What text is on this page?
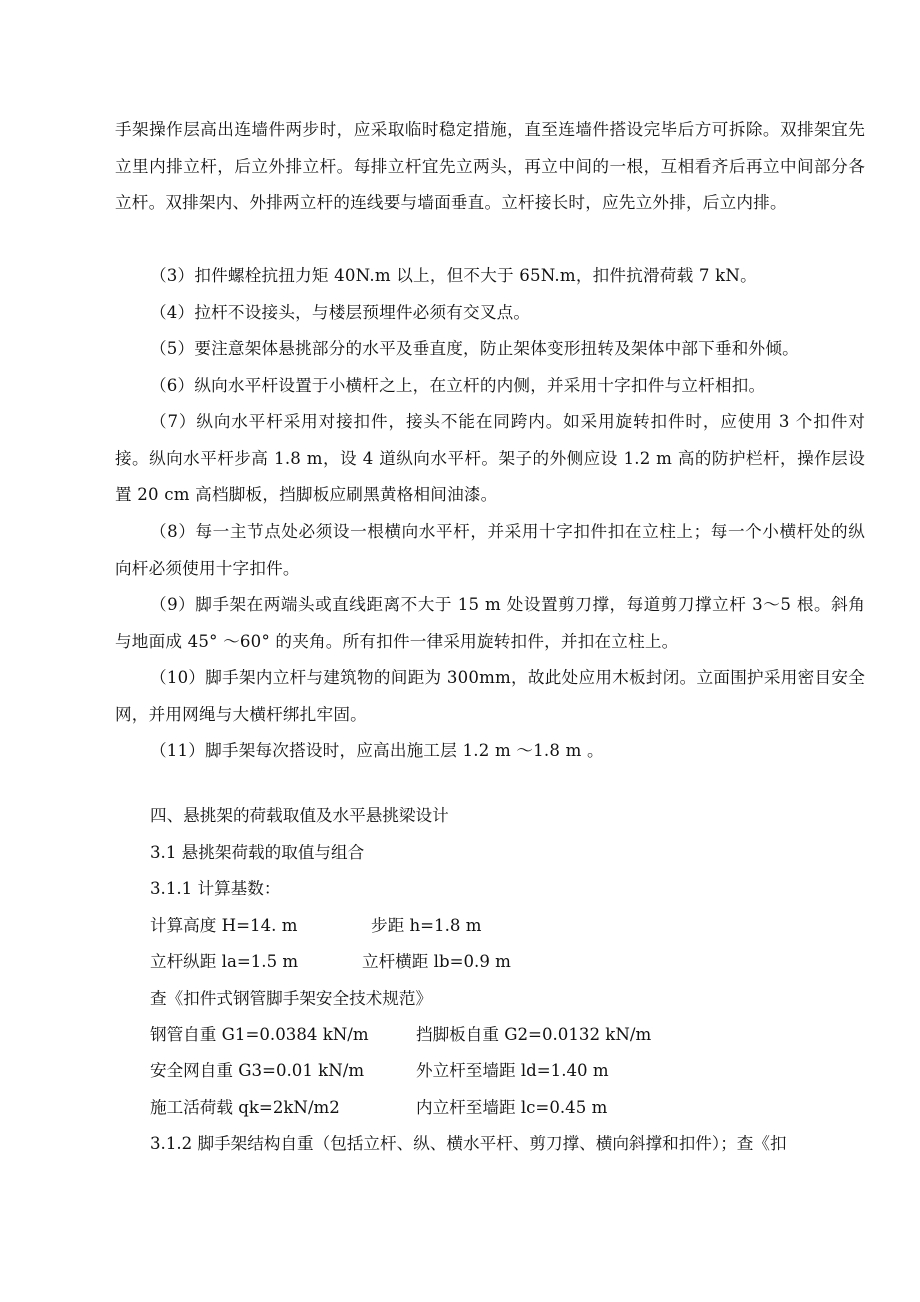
手架操作层高出连墙件两步时，应采取临时稳定措施，直至连墙件搭设完毕后方可拆除。双排架宜先立里内排立杆，后立外排立杆。每排立杆宜先立两头，再立中间的一根，互相看齐后再立中间部分各立杆。双排架内、外排两立杆的连线要与墙面垂直。立杆接长时，应先立外排，后立内排。

（3）扣件螺栓抗扭力矩 40N.m 以上，但不大于 65N.m，扣件抗滑荷载 7 kN。

（4）拉杆不设接头，与楼层预埋件必须有交叉点。

（5）要注意架体悬挑部分的水平及垂直度，防止架体变形扭转及架体中部下垂和外倾。

（6）纵向水平杆设置于小横杆之上，在立杆的内侧，并采用十字扣件与立杆相扣。

（7）纵向水平杆采用对接扣件，接头不能在同跨内。如采用旋转扣件时，应使用 3 个扣件对接。纵向水平杆步高 1.8 m，设 4 道纵向水平杆。架子的外侧应设 1.2 m 高的防护栏杆，操作层设置 20 cm 高档脚板，挡脚板应刷黑黄格相间油漆。

（8）每一主节点处必须设一根横向水平杆，并采用十字扣件扣在立柱上；每一个小横杆处的纵向杆必须使用十字扣件。

（9）脚手架在两端头或直线距离不大于 15 m 处设置剪刀撑，每道剪刀撑立杆 3～5 根。斜角与地面成 45° ～60° 的夹角。所有扣件一律采用旋转扣件，并扣在立柱上。

（10）脚手架内立杆与建筑物的间距为 300mm，故此处应用木板封闭。立面围护采用密目安全网，并用网绳与大横杆绑扎牢固。

（11）脚手架每次搭设时，应高出施工层 1.2 m ～1.8 m 。

四、悬挑架的荷载取值及水平悬挑梁设计
3.1 悬挑架荷载的取值与组合
3.1.1 计算基数：
计算高度 H=14. m	步距 h=1.8 m
立杆纵距 la=1.5 m	立杆横距 lb=0.9 m
查《扣件式钢管脚手架安全技术规范》
钢管自重 G1=0.0384 kN/m	挡脚板自重 G2=0.0132 kN/m
安全网自重 G3=0.01 kN/m	外立杆至墙距 ld=1.40 m
施工活荷载 qk=2kN/m2	内立杆至墙距 lc=0.45 m
3.1.2 脚手架结构自重（包括立杆、纵、横水平杆、剪刀撑、横向斜撑和扣件）；查《扣
